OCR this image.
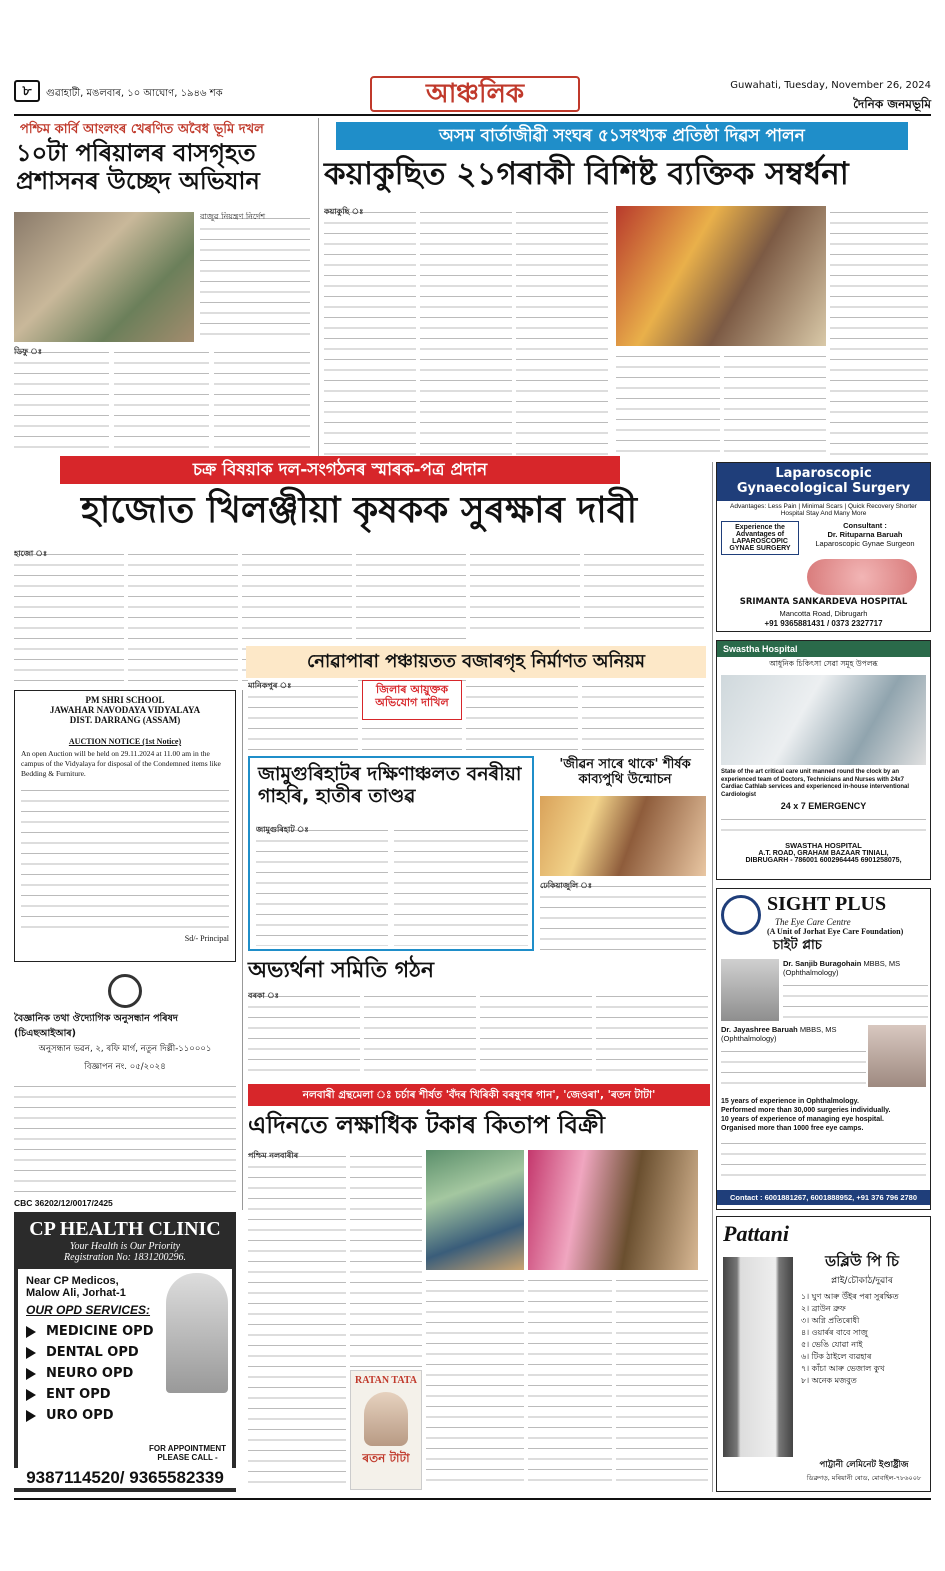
৮	গুৱাহাটী, মঙলবাৰ, ১০ আঘোণ, ১৯৪৬ শক	আঞ্চলিক	Guwahati, Tuesday, November 26, 2024
দৈনিক জনমভূমি
পশ্চিম কাৰ্বি আংলংৰ খেৰণিত অবৈধ ভূমি দখল
১০টা পৰিয়ালৰ বাসগৃহত প্ৰশাসনৰ উচ্ছেদ অভিযান
বাজুৱ নিয়ন্ত্ৰণ নিৰ্দেশ
ডিফু ঃ
অসম বাৰ্তাজীৱী সংঘৰ ৫১সংখ্যক প্ৰতিষ্ঠা দিৱস পালন
কয়াকুছিত ২১গৰাকী বিশিষ্ট ব্যক্তিক সম্বৰ্ধনা
কয়াকুছি ঃ
চক্ৰ বিষয়াক দল-সংগঠনৰ স্মাৰক-পত্ৰ প্ৰদান
হাজোত খিলঞ্জীয়া কৃষকক সুৰক্ষাৰ দাবী
হাজো ঃ
PM SHRI SCHOOL
JAWAHAR NAVODAYA VIDYALAYA
DIST. DARRANG (ASSAM)
AUCTION NOTICE (1st Notice)
An open Auction will be held on 29.11.2024 at 11.00 am in the campus of the Vidyalaya for disposal of the Condemned items like Bedding & Furniture.
Sd/- Principal
বৈজ্ঞানিক তথা ঔদ্যোগিক অনুসন্ধান পৰিষদ (চিএছআইআৰ)
অনুসন্ধান ভৱন, ২, ৰফি মাৰ্গ, নতুন দিল্লী-১১০০০১
বিজ্ঞাপন নং. ০৫/২০২৪
CBC 36202/12/0017/2425
CP HEALTH CLINIC
Your Health is Our Priority
Registration No: 1831200296.
Near CP Medicos,
Malow Ali, Jorhat-1
OUR OPD SERVICES:
MEDICINE OPD
DENTAL OPD
NEURO OPD
ENT OPD
URO OPD
FOR APPOINTMENT
PLEASE CALL -
9387114520/ 9365582339
নোৱাপাৰা পঞ্চায়তত বজাৰগৃহ নিৰ্মাণত অনিয়ম
মানিকপুৰ ঃ	জিলাৰ আয়ুক্তক অভিযোগ দাখিল
জামুগুৰিহাটৰ দক্ষিণাঞ্চলত বনৰীয়া গাহৰি, হাতীৰ তাণ্ডৱ
জামুগুৰিহাট ঃ
'জীৱন সাৰে থাকে' শীৰ্ষক কাব্যপুথি উন্মোচন
ঢেকিয়াজুলি ঃ
অভ্যৰ্থনা সমিতি গঠন
বৰকা ঃ
নলবাৰী গ্ৰন্থমেলা ঃ চৰ্চাৰ শীৰ্ষত 'বঁদৰ খিৰিকী বৰষুণৰ গান', 'জেওৰা', 'ৰতন টাটা'
এদিনতে লক্ষাধিক টকাৰ কিতাপ বিক্ৰী
পশ্চিম নলবাৰীৰ
RATAN TATA
ৰতন টাটা
Laparoscopic
Gynaecological Surgery
Advantages: Less Pain | Minimal Scars | Quick Recovery Shorter Hospital Stay And Many More
Experience the Advantages of LAPAROSCOPIC GYNAE SURGERY
Consultant :
Dr. Rituparna Baruah
Laparoscopic Gynae Surgeon
SRIMANTA SANKARDEVA HOSPITAL
Mancotta Road, Dibrugarh
+91 9365881431 / 0373 2327717
Swastha Hospital
আধুনিক চিকিৎসা সেৱা সমূহ উপলব্ধ
State of the art critical care unit manned round the clock by an experienced team of Doctors, Technicians and Nurses with 24x7 Cardiac Cathlab services and experienced in-house interventional Cardiologist
24 x 7 EMERGENCY
SWASTHA HOSPITAL
A.T. ROAD, GRAHAM BAZAAR TINIALI,
DIBRUGARH - 786001 6002964445 6901258075,
SIGHT PLUS
The Eye Care Centre
(A Unit of Jorhat Eye Care Foundation)
চাইট প্লাচ
Dr. Sanjib Buragohain MBBS, MS (Ophthalmology)
Dr. Jayashree Baruah MBBS, MS (Ophthalmology)
15 years of experience in Ophthalmology.
Performed more than 30,000 surgeries individually.
10 years of experience of managing eye hospital.
Organised more than 1000 free eye camps.
Contact : 6001881267, 6001888952, +91 376 796 2780
Pattani
ডব্লিউ পি চি
প্লাই/চৌকাঠ/দুৱাৰ
১। ঘুণ আৰু উঁইৰ পৰা সুৰক্ষিত
২। ব্ৰাউন ব্ৰুফ
৩। অগ্নি প্ৰতিৰোধী
৪। ওয়াৰ্ৰৰ বাবে সাজু
৫। ভেঙি যোৱা নাই
৬। টিক ঠাইলে ব্যৱহাৰ
৭। কাঁচা আৰু ভেজাল কুখ
৮। অনেক মজবুত
পাট্টানী লেমিনেট ইণ্ডাষ্ট্ৰীজ
ডিব্ৰুগড়, মৰিয়ানী ৰোড, মোবাইল-৭৮৬০০৮
